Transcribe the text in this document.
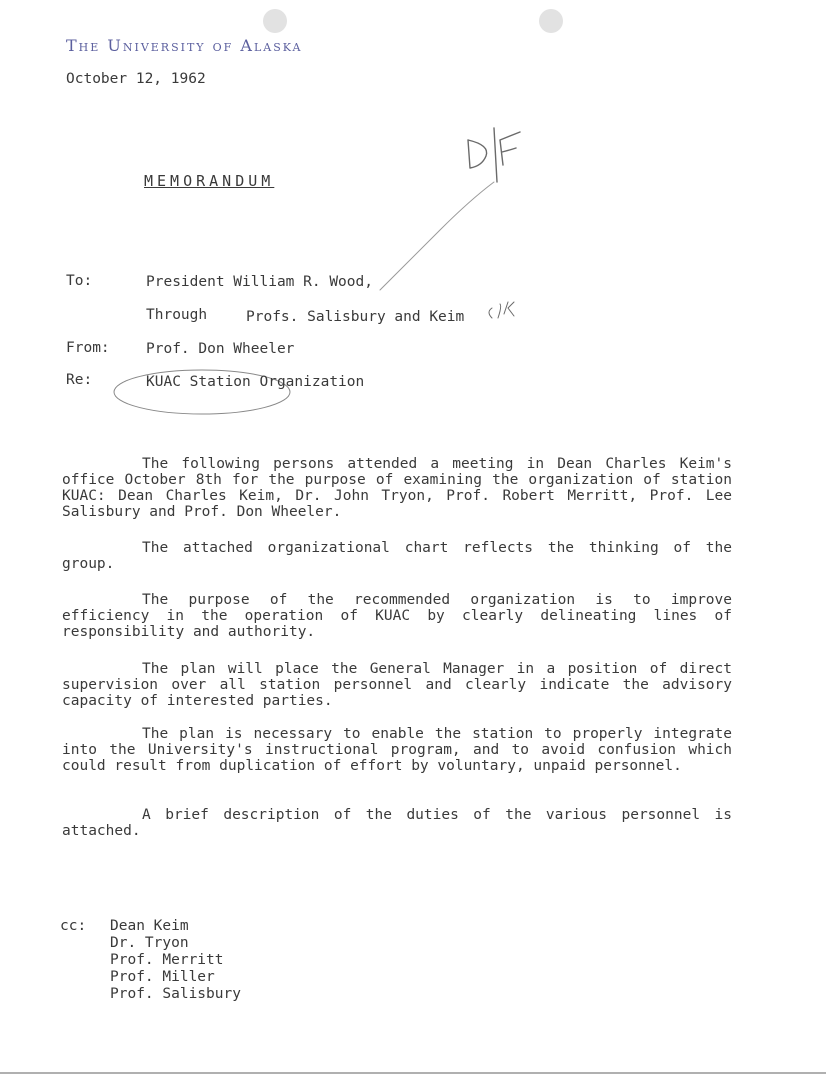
The University of Alaska
October 12, 1962
MEMORANDUM
To:	President William R. Wood,
Through	Profs. Salisbury and Keim
From:	Prof. Don Wheeler
Re:	KUAC Station Organization

The following persons attended a meeting in Dean Charles Keim's office October 8th for the purpose of examining the organization of station KUAC: Dean Charles Keim, Dr. John Tryon, Prof. Robert Merritt, Prof. Lee Salisbury and Prof. Don Wheeler.

The attached organizational chart reflects the thinking of the group.

The purpose of the recommended organization is to improve efficiency in the operation of KUAC by clearly delineating lines of responsibility and authority.

The plan will place the General Manager in a position of direct supervision over all station personnel and clearly indicate the advisory capacity of interested parties.

The plan is necessary to enable the station to properly integrate into the University's instructional program, and to avoid confusion which could result from duplication of effort by voluntary, unpaid personnel.

A brief description of the duties of the various personnel is attached.

cc: Dean Keim
Dr. Tryon
Prof. Merritt
Prof. Miller
Prof. Salisbury
